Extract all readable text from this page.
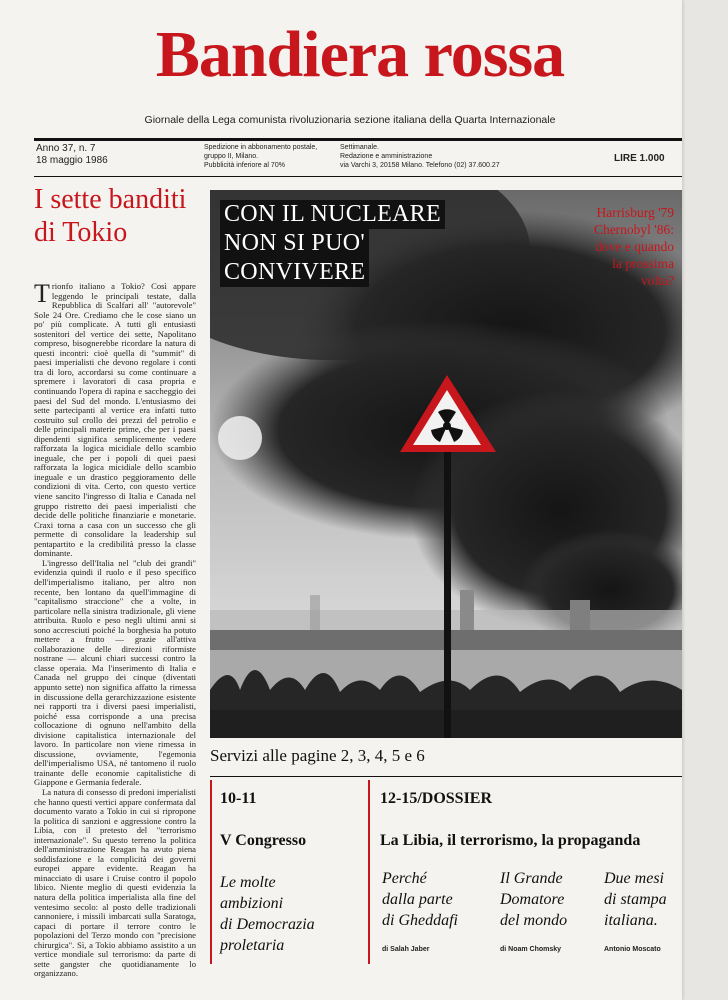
Bandiera rossa
Giornale della Lega comunista rivoluzionaria sezione italiana della Quarta Internazionale
Anno 37, n. 7
18 maggio 1986
Spedizione in abbonamento postale,
gruppo II, Milano.
Pubblicità inferiore al 70%
Settimanale.
Redazione e amministrazione
via Varchi 3, 20158 Milano. Telefono (02) 37.600.27
LIRE 1.000
I sette banditi di Tokio

Trionfo italiano a Tokio? Così appare leggendo le principali testate, dalla Repubblica di Scalfari all' "autorevole" Sole 24 Ore. Crediamo che le cose siano un po' più complicate. A tutti gli entusiasti sostenitori del vertice dei sette, Napolitano compreso, bisognerebbe ricordare la natura di questi incontri: cioè quella di "summit" di paesi imperialisti che devono regolare i conti tra di loro, accordarsi su come continuare a spremere i lavoratori di casa propria e continuando l'opera di rapina e saccheggio dei paesi del Sud del mondo. L'entusiasmo dei sette partecipanti al vertice era infatti tutto costruito sul crollo dei prezzi del petrolio e delle principali materie prime, che per i paesi dipendenti significa semplicemente vedere rafforzata la logica micidiale dello scambio ineguale, che per i popoli di quei paesi rafforzata la logica micidiale dello scambio ineguale e un drastico peggioramento delle condizioni di vita. Certo, con questo vertice viene sancito l'ingresso di Italia e Canada nel gruppo ristretto dei paesi imperialisti che decide delle politiche finanziarie e monetarie. Craxi torna a casa con un successo che gli permette di consolidare la leadership sul pentapartito e la credibilità presso la classe dominante.

L'ingresso dell'Italia nel "club dei grandi" evidenzia quindi il ruolo e il peso specifico dell'imperialismo italiano, per altro non recente, ben lontano da quell'immagine di "capitalismo straccione" che a volte, in particolare nella sinistra tradizionale, gli viene attribuita. Ruolo e peso negli ultimi anni si sono accresciuti poiché la borghesia ha potuto mettere a frutto — grazie all'attiva collaborazione delle direzioni riformiste nostrane — alcuni chiari successi contro la classe operaia. Ma l'inserimento di Italia e Canada nel gruppo dei cinque (diventati appunto sette) non significa affatto la rimessa in discussione della gerarchizzazione esistente nei rapporti tra i diversi paesi imperialisti, poiché essa corrisponde a una precisa collocazione di ognuno nell'ambito della divisione capitalistica internazionale del lavoro. In particolare non viene rimessa in discussione, ovviamente, l'egemonia dell'imperialismo USA, né tantomeno il ruolo trainante delle economie capitalistiche di Giappone e Germania federale.

La natura di consesso di predoni imperialisti che hanno questi vertici appare confermata dal documento varato a Tokio in cui si ripropone la politica di sanzioni e aggressione contro la Libia, con il pretesto del "terrorismo internazionale". Su questo terreno la politica dell'amministrazione Reagan ha avuto piena soddisfazione e la complicità dei governi europei appare evidente. Reagan ha minacciato di usare i Cruise contro il popolo libico. Niente meglio di questi evidenzia la natura della politica imperialista alla fine del ventesimo secolo: al posto delle tradizionali cannoniere, i missili imbarcati sulla Saratoga, capaci di portare il terrore contro le popolazioni del Terzo mondo con "precisione chirurgica". Sì, a Tokio abbiamo assistito a un vertice mondiale sul terrorismo: da parte di sette gangster che quotidianamente lo organizzano.

CON IL NUCLEARE
NON SI PUO'
CONVIVERE
Harrisburg '79
Chernobyl '86:
dove e quando
la prossima
volta?
Servizi alle pagine 2, 3, 4, 5 e 6
10-11
V Congresso
Le molte
ambizioni
di Democrazia
proletaria
12-15/DOSSIER
La Libia, il terrorismo, la propaganda
Perché
dalla parte
di Gheddafi
di Salah Jaber
Il Grande
Domatore
del mondo
di Noam Chomsky
Due mesi
di stampa
italiana.
Antonio Moscato
